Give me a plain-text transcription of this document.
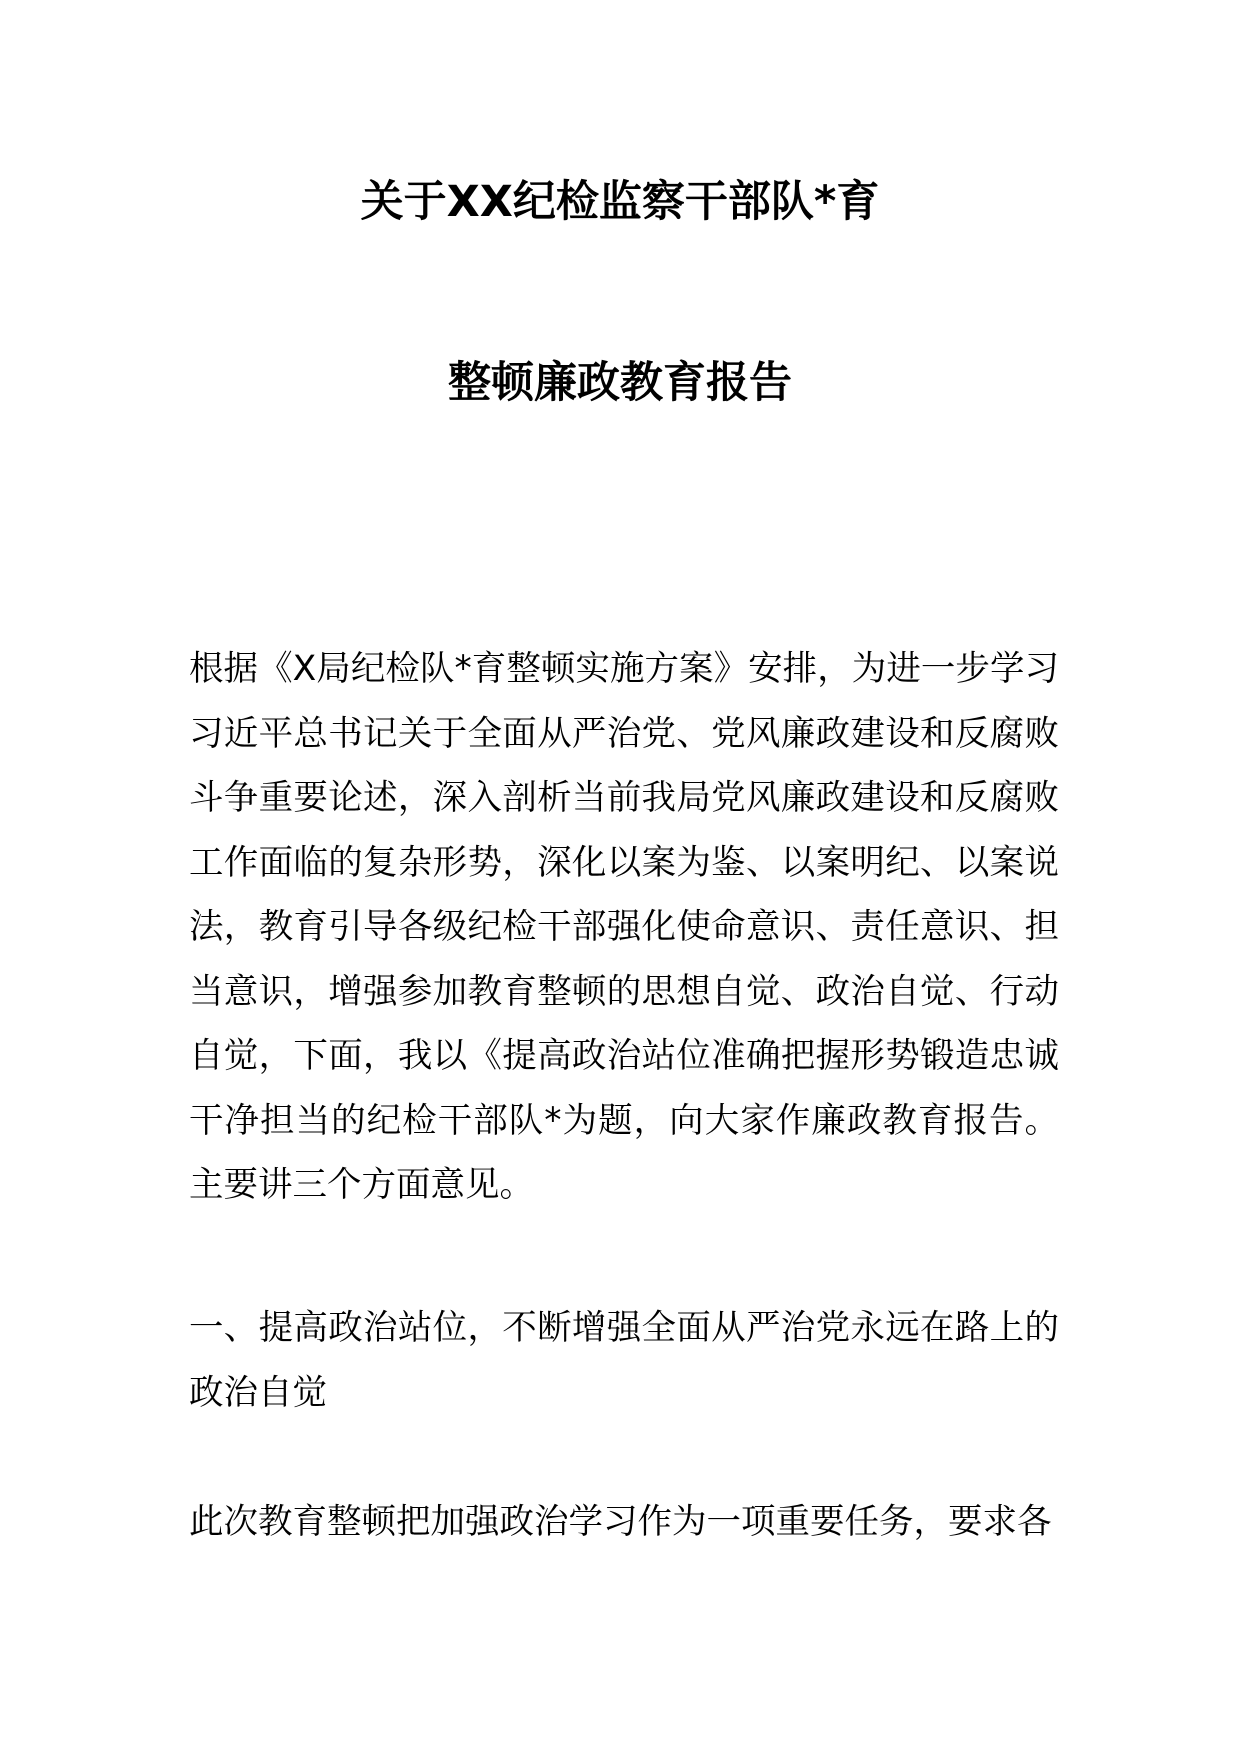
关于XX纪检监察干部队*育
整顿廉政教育报告
根据《X局纪检队*育整顿实施方案》安排，为进一步学习习近平总书记关于全面从严治党、党风廉政建设和反腐败斗争重要论述，深入剖析当前我局党风廉政建设和反腐败工作面临的复杂形势，深化以案为鉴、以案明纪、以案说法，教育引导各级纪检干部强化使命意识、责任意识、担当意识，增强参加教育整顿的思想自觉、政治自觉、行动自觉，下面，我以《提高政治站位准确把握形势锻造忠诚干净担当的纪检干部队*为题，向大家作廉政教育报告。主要讲三个方面意见。
一、提高政治站位，不断增强全面从严治党永远在路上的政治自觉
此次教育整顿把加强政治学习作为一项重要任务，要求各
